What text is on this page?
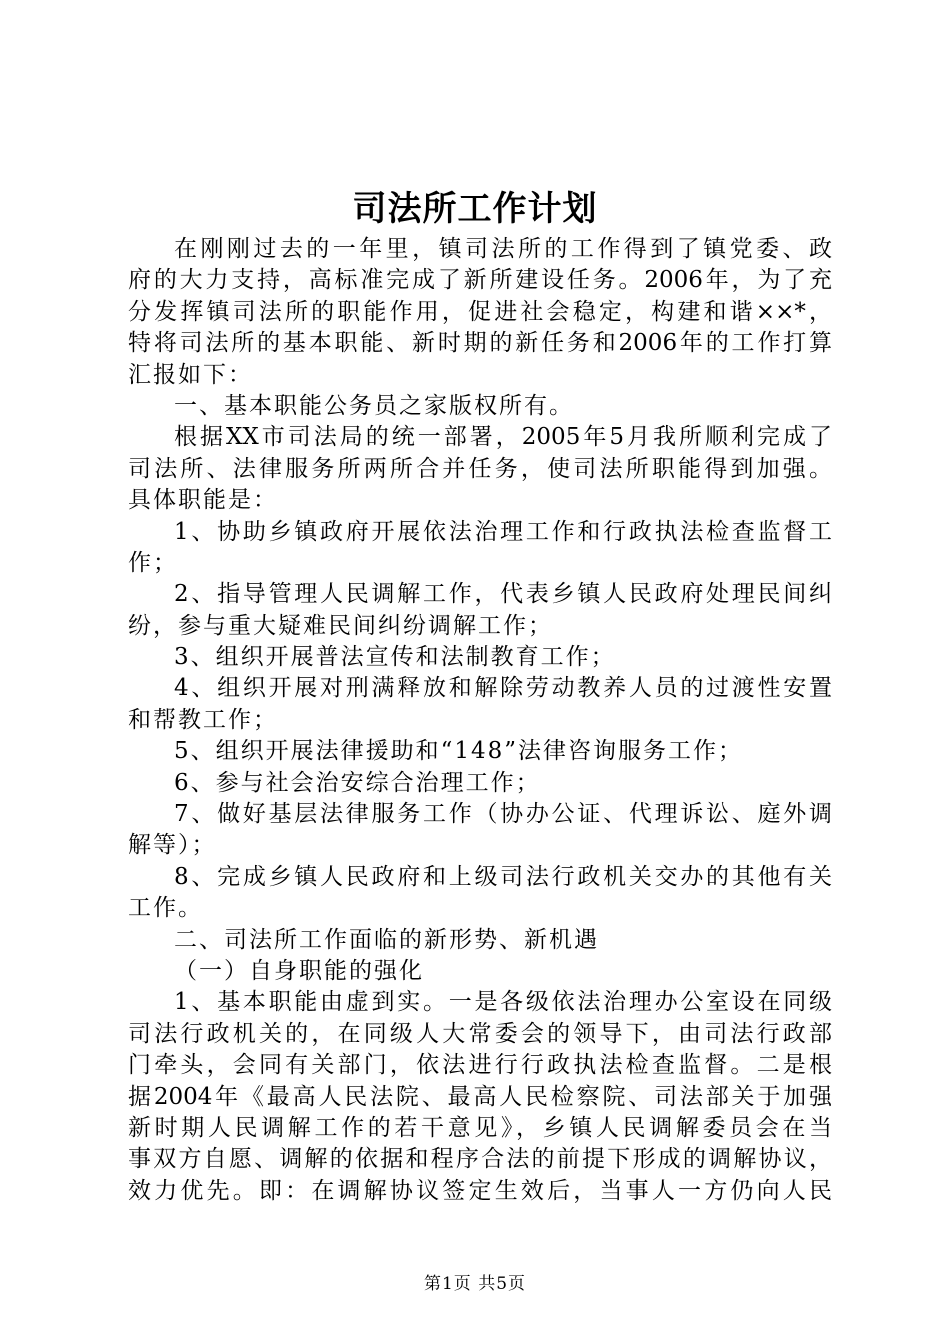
司法所工作计划
在刚刚过去的一年里，镇司法所的工作得到了镇党委、政
府的大力支持，高标准完成了新所建设任务。2006年，为了充
分发挥镇司法所的职能作用，促进社会稳定，构建和谐××*，
特将司法所的基本职能、新时期的新任务和2006年的工作打算
汇报如下：
一、基本职能公务员之家版权所有。
根据XX市司法局的统一部署，2005年5月我所顺利完成了
司法所、法律服务所两所合并任务，使司法所职能得到加强。
具体职能是：
1、协助乡镇政府开展依法治理工作和行政执法检查监督工
作；
2、指导管理人民调解工作，代表乡镇人民政府处理民间纠
纷，参与重大疑难民间纠纷调解工作；
3、组织开展普法宣传和法制教育工作；
4、组织开展对刑满释放和解除劳动教养人员的过渡性安置
和帮教工作；
5、组织开展法律援助和“148”法律咨询服务工作；
6、参与社会治安综合治理工作；
7、做好基层法律服务工作（协办公证、代理诉讼、庭外调
解等）；
8、完成乡镇人民政府和上级司法行政机关交办的其他有关
工作。
二、司法所工作面临的新形势、新机遇
（一）自身职能的强化
1、基本职能由虚到实。一是各级依法治理办公室设在同级
司法行政机关的，在同级人大常委会的领导下，由司法行政部
门牵头，会同有关部门，依法进行行政执法检查监督。二是根
据2004年《最高人民法院、最高人民检察院、司法部关于加强
新时期人民调解工作的若干意见》，乡镇人民调解委员会在当
事双方自愿、调解的依据和程序合法的前提下形成的调解协议，
效力优先。即：在调解协议签定生效后，当事人一方仍向人民
第1页 共5页
